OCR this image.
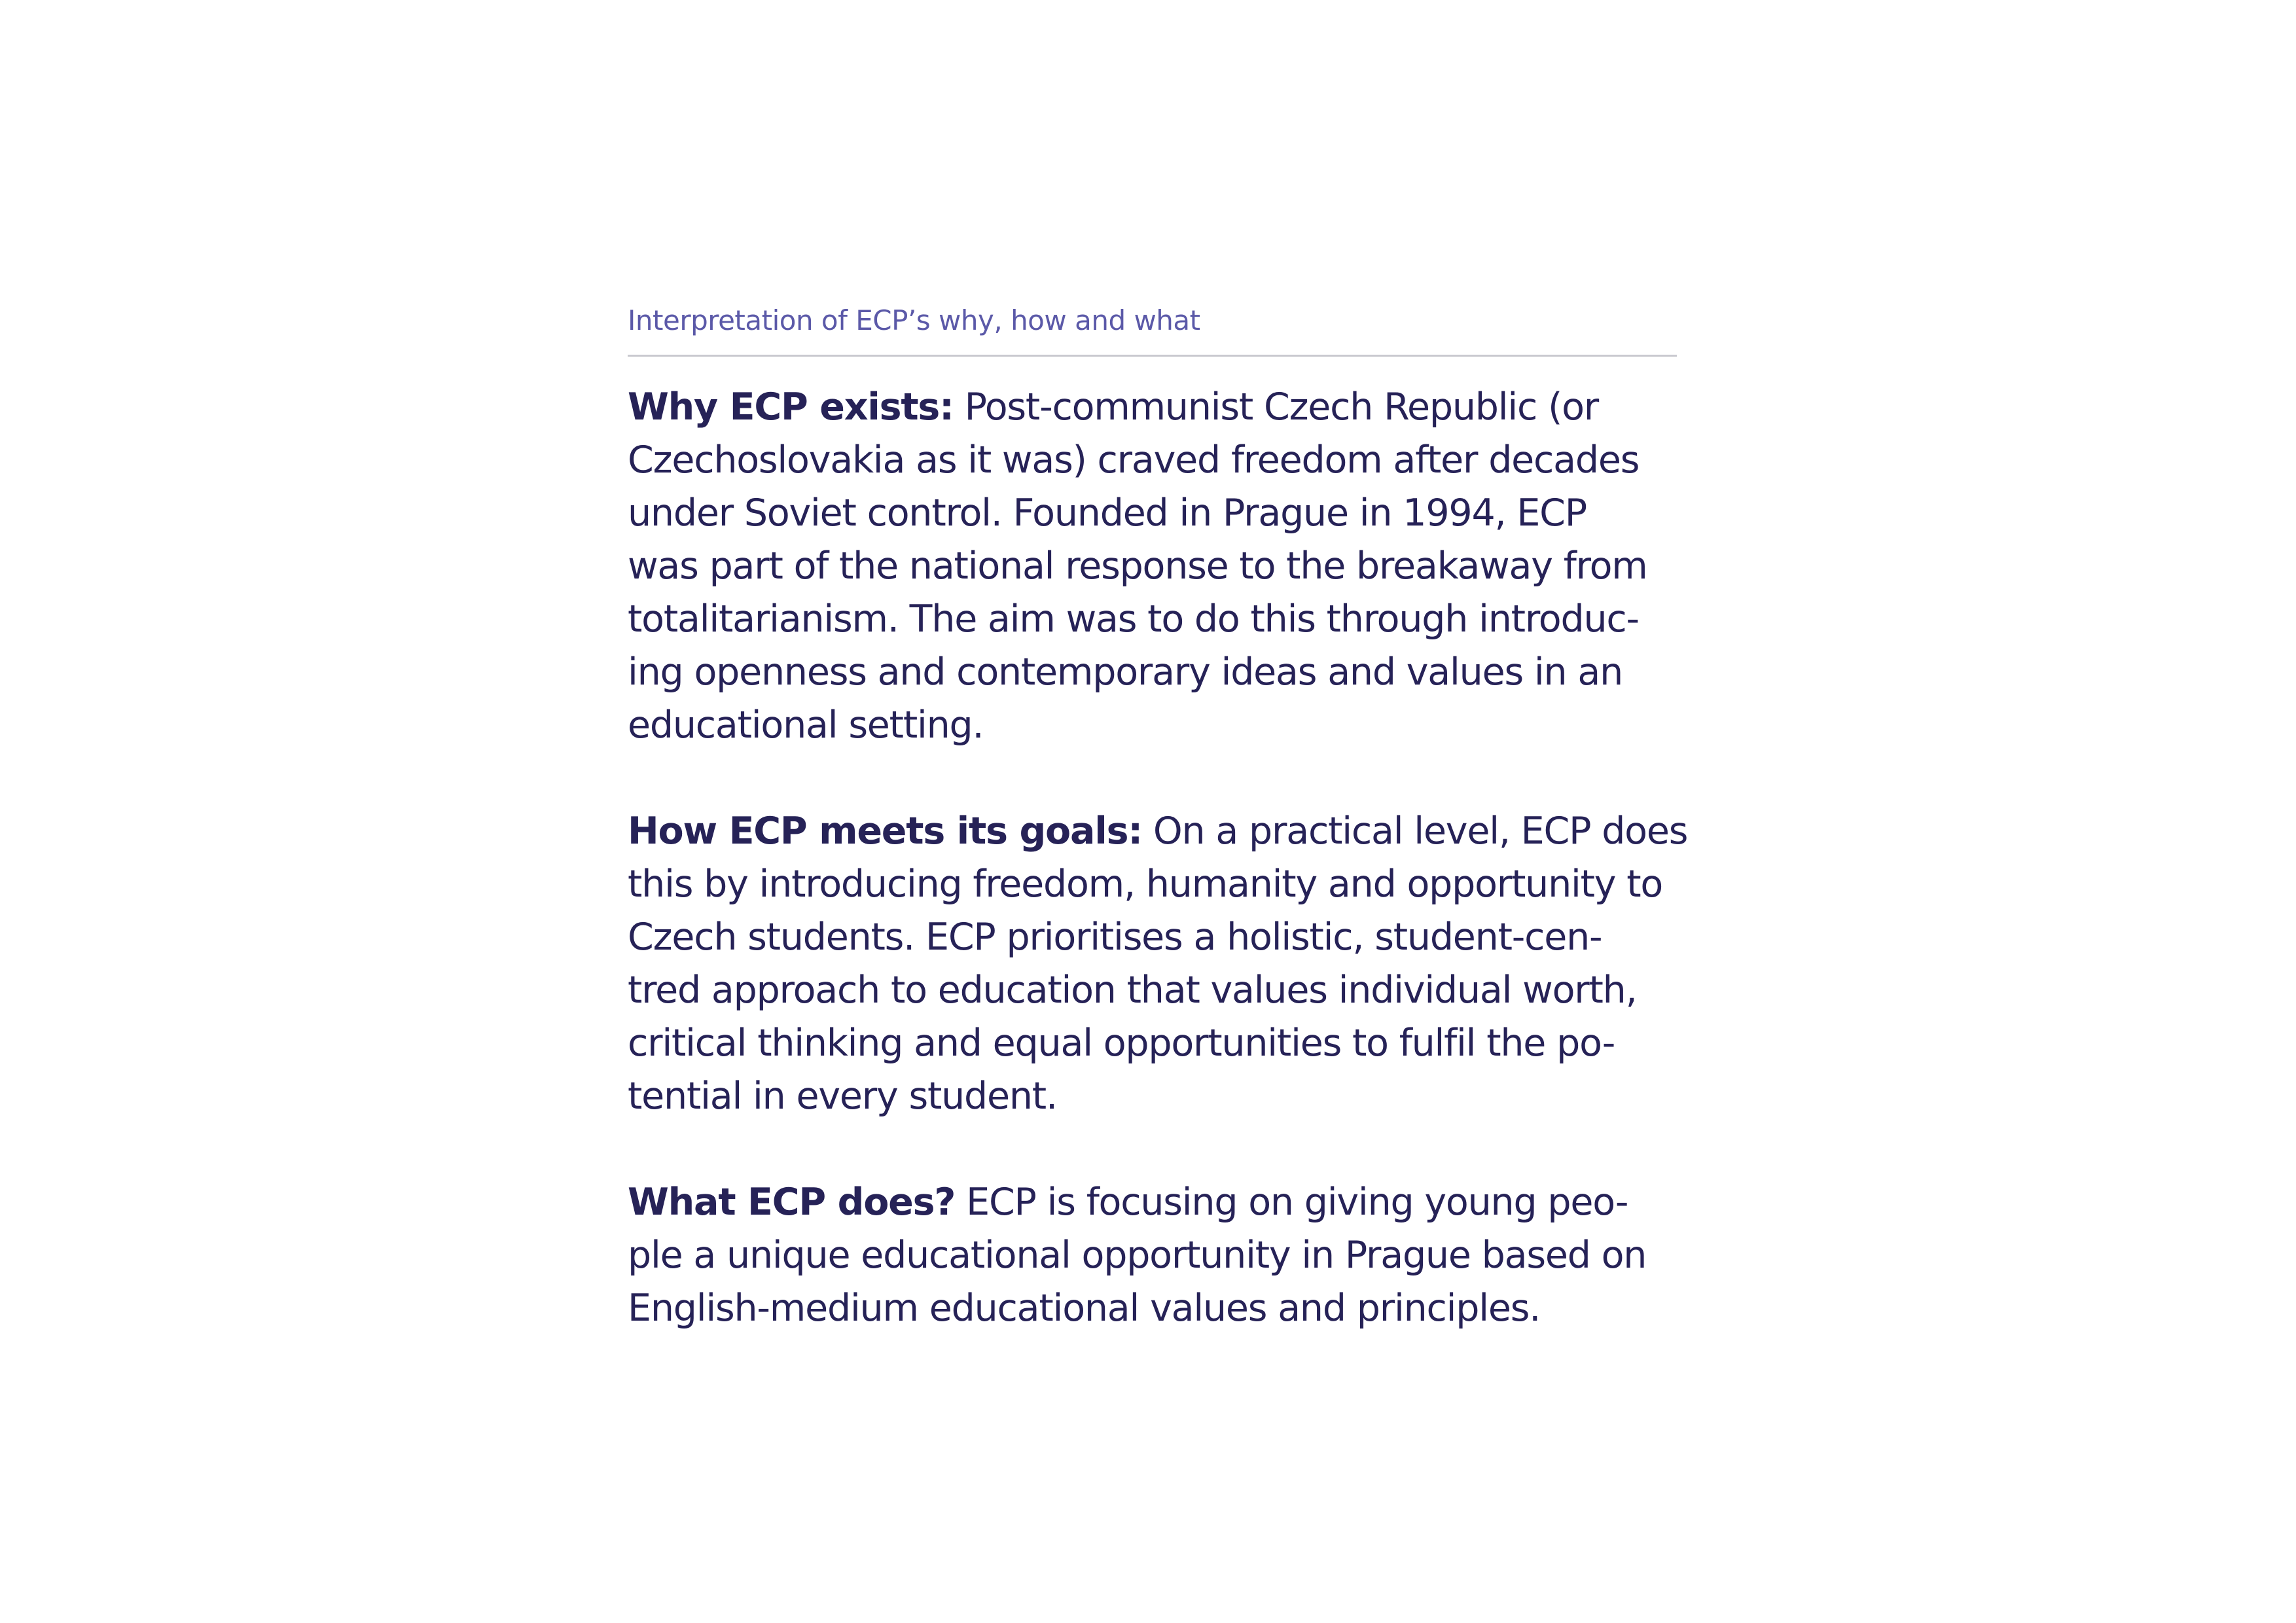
Interpretation of ECP’s why, how and what

Why ECP exists: Post-communist Czech Republic (or
Czechoslovakia as it was) craved freedom after decades
under Soviet control. Founded in Prague in 1994, ECP
was part of the national response to the breakaway from
totalitarianism. The aim was to do this through introduc-
ing openness and contemporary ideas and values in an
educational setting.

How ECP meets its goals: On a practical level, ECP does
this by introducing freedom, humanity and opportunity to
Czech students. ECP prioritises a holistic, student-cen-
tred approach to education that values individual worth,
critical thinking and equal opportunities to fulfil the po-
tential in every student.

What ECP does? ECP is focusing on giving young peo-
ple a unique educational opportunity in Prague based on
English-medium educational values and principles.
